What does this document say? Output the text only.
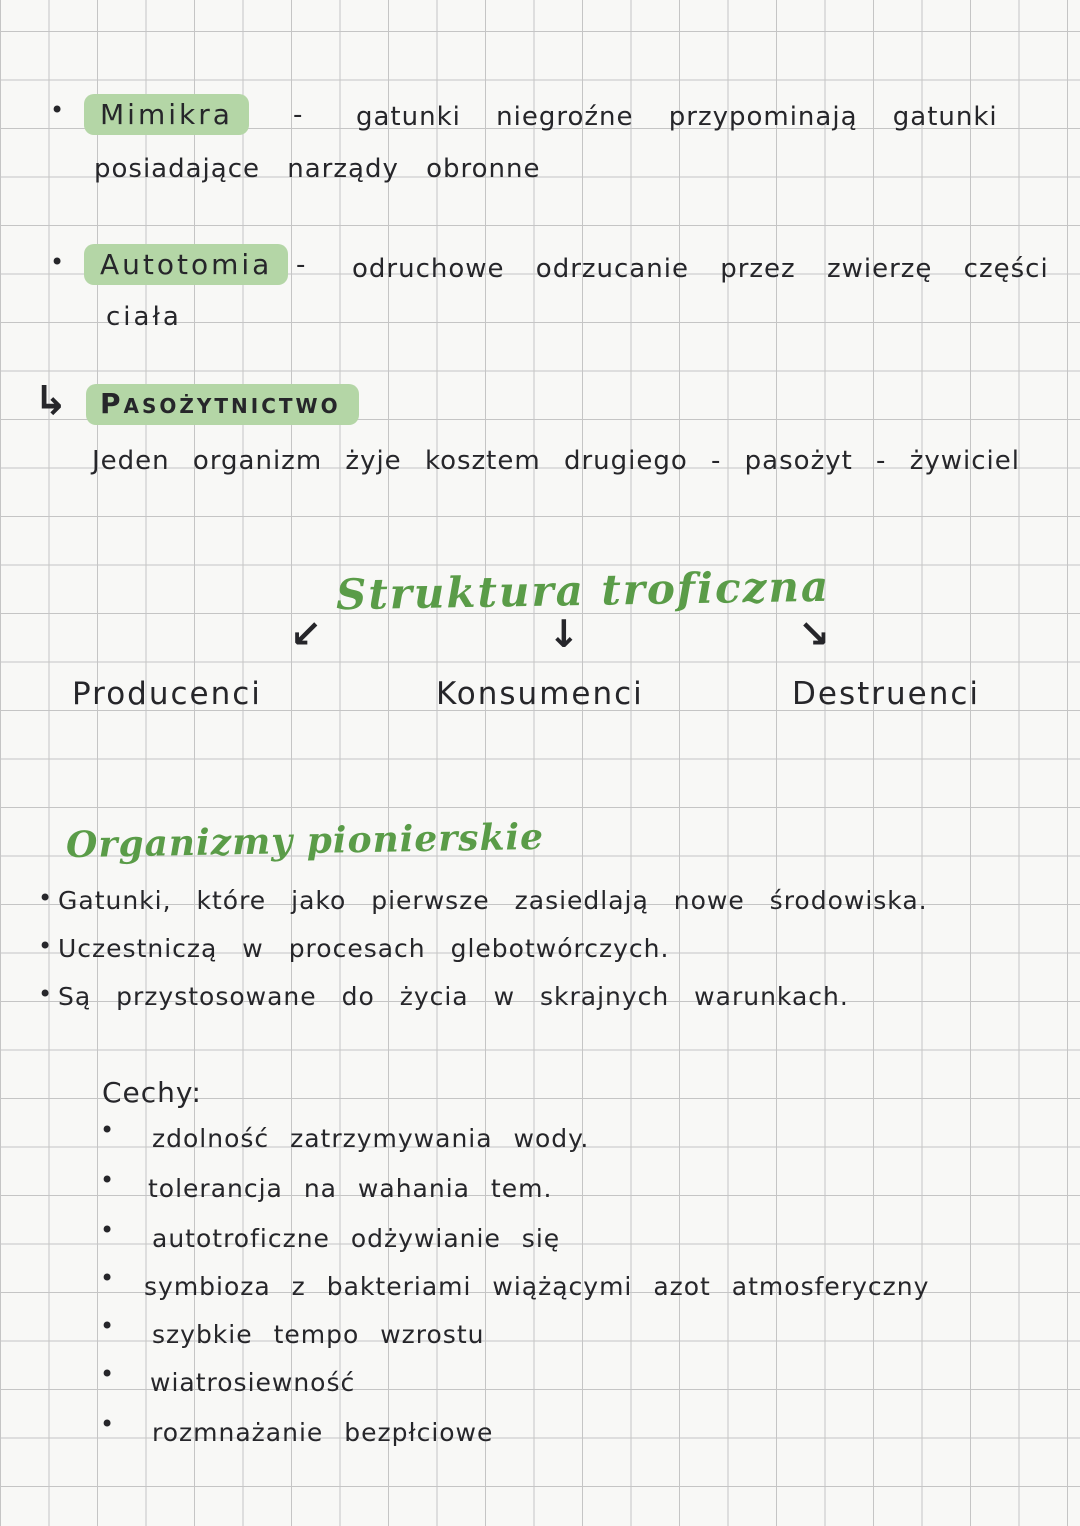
•
Mimikra	- gatunki niegroźne przypominają gatunki
posiadające narządy obronne
•
Autotomia - odruchowe odrzucanie przez zwierzę części
ciała
↳	Pasożytnictwo
Jeden organizm żyje kosztem drugiego - pasożyt - żywiciel
Struktura troficzna
↙	↓	↘
Producenci	Konsumenci	Destruenci
Organizmy pionierskie
•
Gatunki, które jako pierwsze zasiedlają nowe środowiska.
•
Uczestniczą w procesach glebotwórczych.
•
Są przystosowane do życia w skrajnych warunkach.
Cechy:
•
zdolność zatrzymywania wody.
•
tolerancja na wahania tem.
•
autotroficzne odżywianie się
•
symbioza z bakteriami wiążącymi azot atmosferyczny
•
szybkie tempo wzrostu
•
wiatrosiewność
•
rozmnażanie bezpłciowe
